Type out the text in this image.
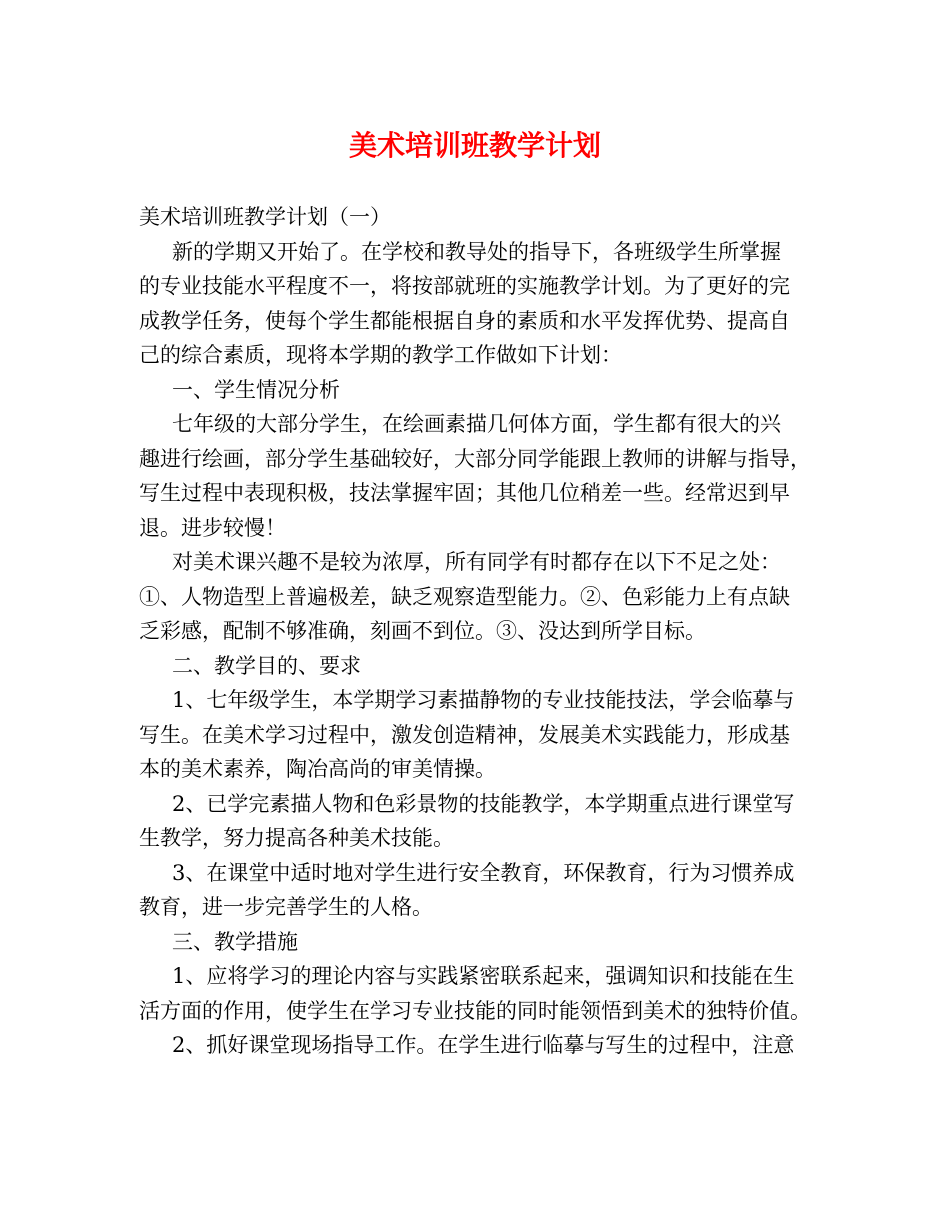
美术培训班教学计划
美术培训班教学计划（一）
新的学期又开始了。在学校和教导处的指导下，各班级学生所掌握
的专业技能水平程度不一，将按部就班的实施教学计划。为了更好的完
成教学任务，使每个学生都能根据自身的素质和水平发挥优势、提高自
己的综合素质，现将本学期的教学工作做如下计划：
一、学生情况分析
七年级的大部分学生，在绘画素描几何体方面，学生都有很大的兴
趣进行绘画，部分学生基础较好，大部分同学能跟上教师的讲解与指导，
写生过程中表现积极，技法掌握牢固；其他几位稍差一些。经常迟到早
退。进步较慢！
对美术课兴趣不是较为浓厚，所有同学有时都存在以下不足之处：
①、人物造型上普遍极差，缺乏观察造型能力。②、色彩能力上有点缺
乏彩感，配制不够准确，刻画不到位。③、没达到所学目标。
二、教学目的、要求
1、七年级学生，本学期学习素描静物的专业技能技法，学会临摹与
写生。在美术学习过程中，激发创造精神，发展美术实践能力，形成基
本的美术素养，陶冶高尚的审美情操。
2、已学完素描人物和色彩景物的技能教学，本学期重点进行课堂写
生教学，努力提高各种美术技能。
3、在课堂中适时地对学生进行安全教育，环保教育，行为习惯养成
教育，进一步完善学生的人格。
三、教学措施
1、应将学习的理论内容与实践紧密联系起来，强调知识和技能在生
活方面的作用，使学生在学习专业技能的同时能领悟到美术的独特价值。
2、抓好课堂现场指导工作。在学生进行临摹与写生的过程中，注意
